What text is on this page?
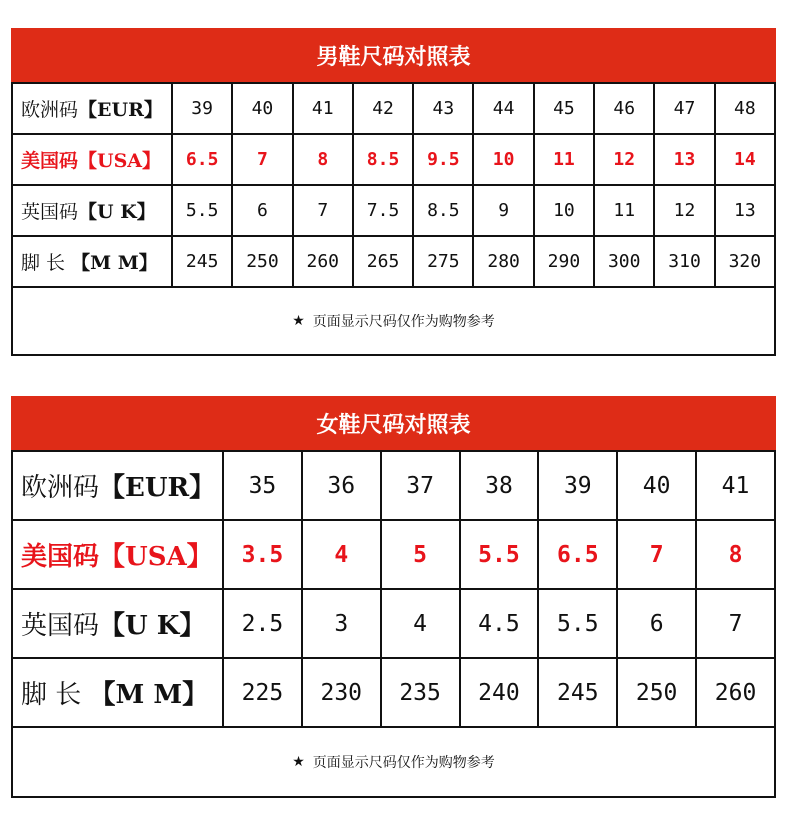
男鞋尺码对照表
欧洲码【EUR】	39	40	41	42	43	44	45	46	47	48
美国码【USA】	6.5	7	8	8.5	9.5	10	11	12	13	14
英国码【U K】	5.5	6	7	7.5	8.5	9	10	11	12	13
脚 长 【M M】	245	250	260	265	275	280	290	300	310	320
★ 页面显示尺码仅作为购物参考
女鞋尺码对照表
欧洲码【EUR】	35	36	37	38	39	40	41
美国码【USA】	3.5	4	5	5.5	6.5	7	8
英国码【U K】	2.5	3	4	4.5	5.5	6	7
脚 长 【M M】	225	230	235	240	245	250	260
★ 页面显示尺码仅作为购物参考
